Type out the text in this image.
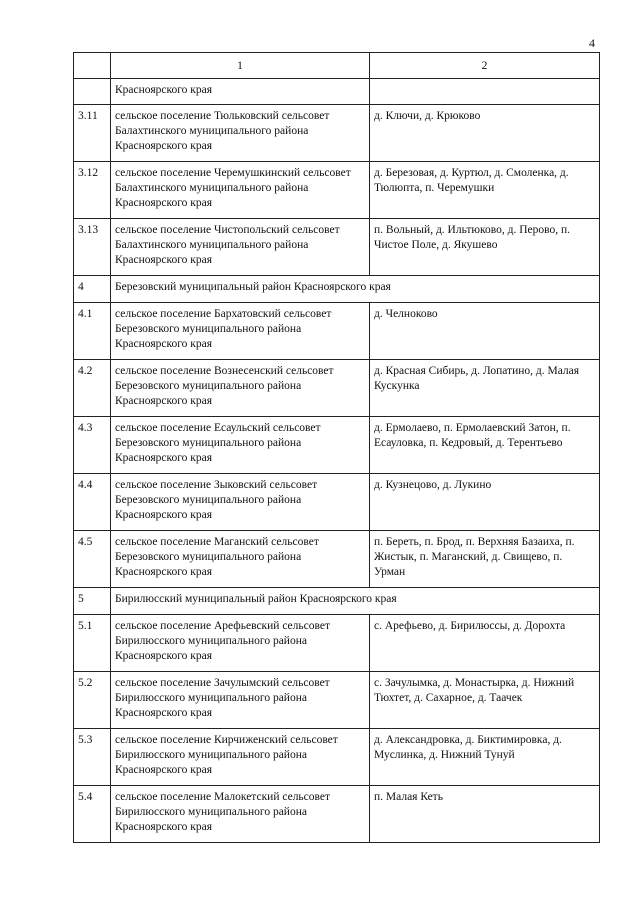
4
	1	2
	Красноярского края	
3.11	сельское поселение Тюльковский сельсовет Балахтинского муниципального района Красноярского края	д. Ключи, д. Крюково
3.12	сельское поселение Черемушкинский сельсовет Балахтинского муниципального района Красноярского края	д. Березовая, д. Куртюл, д. Смоленка, д. Тюлюпта, п. Черемушки
3.13	сельское поселение Чистопольский сельсовет Балахтинского муниципального района Красноярского края	п. Вольный, д. Ильтюково, д. Перово, п. Чистое Поле, д. Якушево
4	Березовский муниципальный район Красноярского края	
4.1	сельское поселение Бархатовский сельсовет Березовского муниципального района Красноярского края	д. Челноково
4.2	сельское поселение Вознесенский сельсовет Березовского муниципального района Красноярского края	д. Красная Сибирь, д. Лопатино, д. Малая Кускунка
4.3	сельское поселение Есаульский сельсовет Березовского муниципального района Красноярского края	д. Ермолаево, п. Ермолаевский Затон, п. Есауловка, п. Кедровый, д. Терентьево
4.4	сельское поселение Зыковский сельсовет Березовского муниципального района Красноярского края	д. Кузнецово, д. Лукино
4.5	сельское поселение Маганский сельсовет Березовского муниципального района Красноярского края	п. Береть, п. Брод, п. Верхняя Базаиха, п. Жистык, п. Маганский, д. Свищево, п. Урман
5	Бирилюсский муниципальный район Красноярского края	
5.1	сельское поселение Арефьевский сельсовет Бирилюсского муниципального района Красноярского края	с. Арефьево, д. Бирилюссы, д. Дорохта
5.2	сельское поселение Зачулымский сельсовет Бирилюсского муниципального района Красноярского края	с. Зачулымка, д. Монастырка, д. Нижний Тюхтет, д. Сахарное, д. Таачек
5.3	сельское поселение Кирчиженский сельсовет Бирилюсского муниципального района Красноярского края	д. Александровка, д. Биктимировка, д. Муслинка, д. Нижний Тунуй
5.4	сельское поселение Малокетский сельсовет Бирилюсского муниципального района Красноярского края	п. Малая Кеть
